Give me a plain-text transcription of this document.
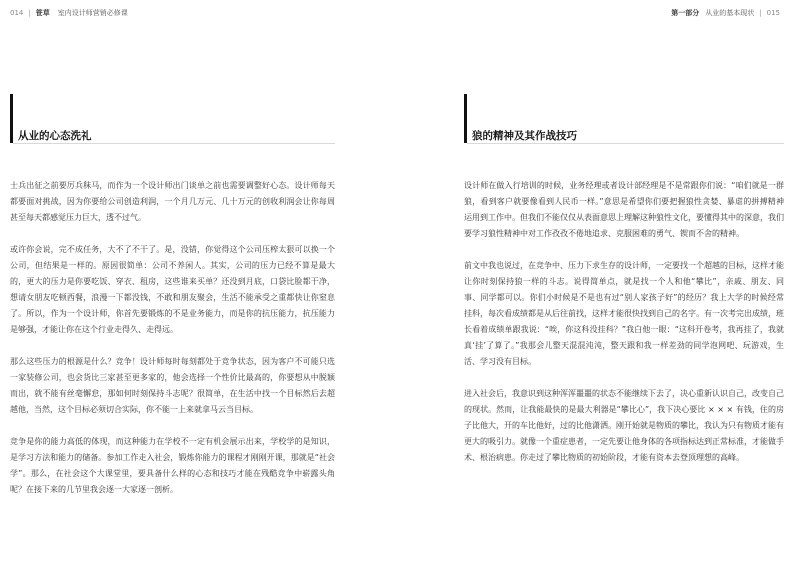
014 | 笹草 室内设计师营销必修课
从业的心态洗礼

士兵出征之前要厉兵秣马，而作为一个设计师出门谈单之前也需要调整好心态。设计师每天都要面对挑战，因为你要给公司创造利润，一个月几万元、几十万元的创收利润会让你每周甚至每天都感觉压力巨大，透不过气。

或许你会说，完不成任务，大不了不干了。是，没错，你觉得这个公司压榨太狠可以换一个公司，但结果是一样的。原因很简单：公司不养闲人。其实，公司的压力已经不算是最大的，更大的压力是你要吃饭、穿衣、租房，这些谁来买单？还没到月底，口袋比脸都干净，想请女朋友吃顿西餐，浪漫一下都没钱，不敢和朋友聚会，生活不能承受之重都快让你窒息了。所以，作为一个设计师，你首先要锻炼的不是业务能力，而是你的抗压能力，抗压能力是够强，才能让你在这个行业走得久、走得远。

那么这些压力的根源是什么？竞争！设计师每时每刻都处于竞争状态，因为客户不可能只选一家装修公司，也会货比三家甚至更多家的，他会选择一个性价比最高的，你要想从中脱颖而出，就不能有丝毫懈怠，那如何时刻保持斗志呢？很简单，在生活中找一个目标然后去超越他，当然，这个目标必须切合实际，你不能一上来就拿马云当目标。

竞争是你的能力高低的体现，而这种能力在学校不一定有机会展示出来，学校学的是知识，是学习方法和能力的储备。参加工作走入社会，锻炼你能力的课程才刚刚开课，那就是“社会学”。那么，在社会这个大课堂里，要具备什么样的心态和技巧才能在残酷竞争中崭露头角呢？在接下来的几节里我会逐一大家逐一剖析。

第一部分 从业的基本现状 | 015
狼的精神及其作战技巧

设计师在做入行培训的时候，业务经理或者设计部经理是不是常跟你们说：“咱们就是一群狼，看到客户就要像看到人民币一样。”意思是希望你们要把握狼性贪婪、暴虐的拼搏精神运用到工作中。但我们不能仅仅从表面意思上理解这种狼性文化，要懂得其中的深意，我们要学习狼性精神中对工作孜孜不倦地追求、克服困难的勇气、锲而不舍的精神。

前文中我也说过，在竞争中、压力下求生存的设计师，一定要找一个超越的目标，这样才能让你时刻保持狼一样的斗志。说得简单点，就是找一个人和他“攀比”，亲戚、朋友、同事、同学都可以。你们小时候是不是也有过“别人家孩子好”的经历？我上大学的时候经常挂科，每次看成绩都是从后往前找，这样才能很快找到自己的名字。有一次考完出成绩，班长看着成绩单跟我说：“唉，你这科没挂科？”我白他一眼：“这科开卷考，我再挂了，我就真‘挂’了算了。”我那会儿整天混混沌沌，整天跟和我一样差劲的同学泡网吧、玩游戏，生活、学习没有目标。

进入社会后，我意识到这种浑浑噩噩的状态不能继续下去了，决心重新认识自己，改变自己的现状。然而，让我能最快的是最大利器是“攀比心”，我下决心要比 × × × 有钱，住的房子比他大，开的车比他好，过的比他潇洒。刚开始就是物质的攀比，我认为只有物质才能有更大的吸引力。就像一个重症患者，一定先要让他身体的各项指标达到正常标准，才能做手术、根治病患。你走过了攀比物质的初始阶段，才能有资本去登顶理想的高峰。
